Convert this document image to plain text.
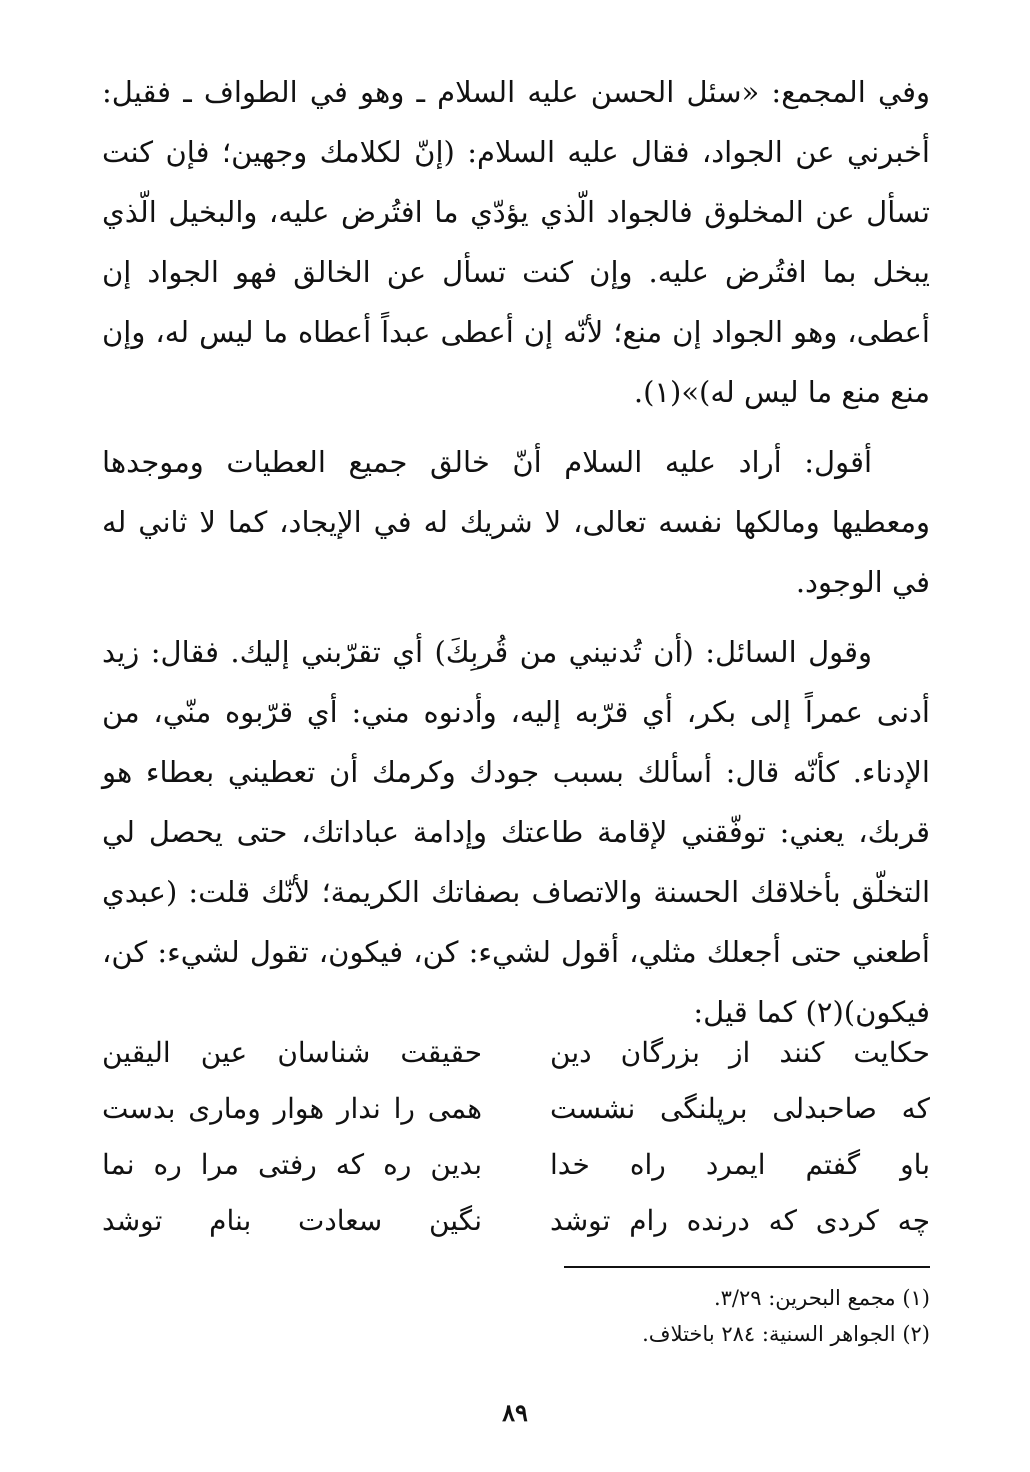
وفي المجمع: «سئل الحسن عليه السلام ـ وهو في الطواف ـ فقيل: أخبرني عن الجواد، فقال عليه السلام: (إنّ لكلامك وجهين؛ فإن كنت تسأل عن المخلوق فالجواد الّذي يؤدّي ما افتُرض عليه، والبخيل الّذي يبخل بما افتُرض عليه. وإن كنت تسأل عن الخالق فهو الجواد إن أعطى، وهو الجواد إن منع؛ لأنّه إن أعطى عبداً أعطاه ما ليس له، وإن منع منع ما ليس له)»(١).

أقول: أراد عليه السلام أنّ خالق جميع العطيات وموجدها ومعطيها ومالكها نفسه تعالى، لا شريك له في الإيجاد، كما لا ثاني له في الوجود.

وقول السائل: (أن تُدنيني من قُربِكَ) أي تقرّبني إليك. فقال: زيد أدنى عمراً إلى بكر، أي قرّبه إليه، وأدنوه مني: أي قرّبوه منّي، من الإدناء. كأنّه قال: أسألك بسبب جودك وكرمك أن تعطيني بعطاء هو قربك، يعني: توفّقني لإقامة طاعتك وإدامة عباداتك، حتى يحصل لي التخلّق بأخلاقك الحسنة والاتصاف بصفاتك الكريمة؛ لأنّك قلت: (عبدي أطعني حتى أجعلك مثلي، أقول لشيء: كن، فيكون، تقول لشيء: كن، فيكون)(٢) كما قيل:

حكايت كنند از بزرگان دين
حقيقت شناسان عين اليقين
كه صاحبدلى برپلنگى نشست
همى را ندار هوار ومارى بدست
باو گفتم ايمرد راه خدا
بدين ره كه رفتى مرا ره نما
چه كردى كه درنده رام توشد
نگين سعادت بنام توشد
(١) مجمع البحرين: ٣/٢٩.
(٢) الجواهر السنية: ٢٨٤ باختلاف.
٨٩
